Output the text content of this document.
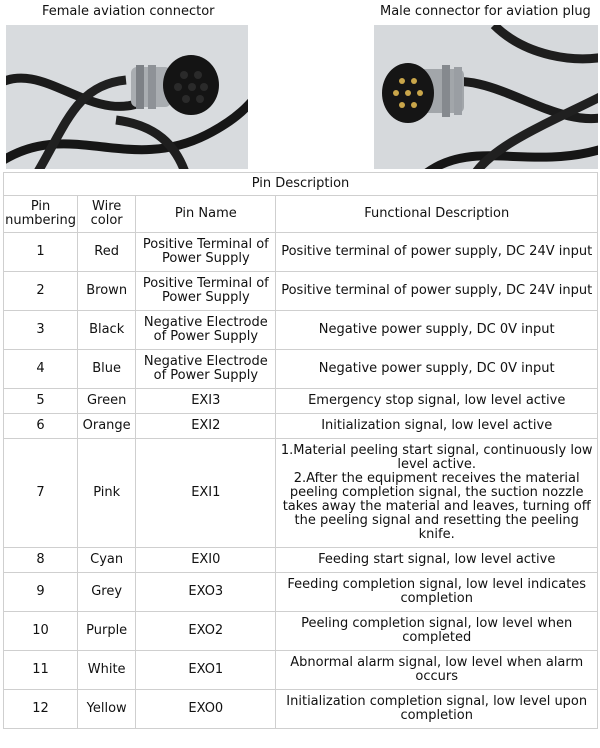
Female aviation connector	Male connector for aviation plug
Pin Description			
Pin numbering	Wire color	Pin Name	Functional Description
1	Red	Positive Terminal of Power Supply	Positive terminal of power supply, DC 24V input
2	Brown	Positive Terminal of Power Supply	Positive terminal of power supply, DC 24V input
3	Black	Negative Electrode of Power Supply	Negative power supply, DC 0V input
4	Blue	Negative Electrode of Power Supply	Negative power supply, DC 0V input
5	Green	EXI3	Emergency stop signal, low level active
6	Orange	EXI2	Initialization signal, low level active
7	Pink	EXI1	1.Material peeling start signal, continuously low level active.
2.After the equipment receives the material peeling completion signal, the suction nozzle takes away the material and leaves, turning off the peeling signal and resetting the peeling knife.

8	Cyan	EXI0	Feeding start signal, low level active
9	Grey	EXO3	Feeding completion signal, low level indicates completion
10	Purple	EXO2	Peeling completion signal, low level when completed
11	White	EXO1	Abnormal alarm signal, low level when alarm occurs
12	Yellow	EXO0	Initialization completion signal, low level upon completion
